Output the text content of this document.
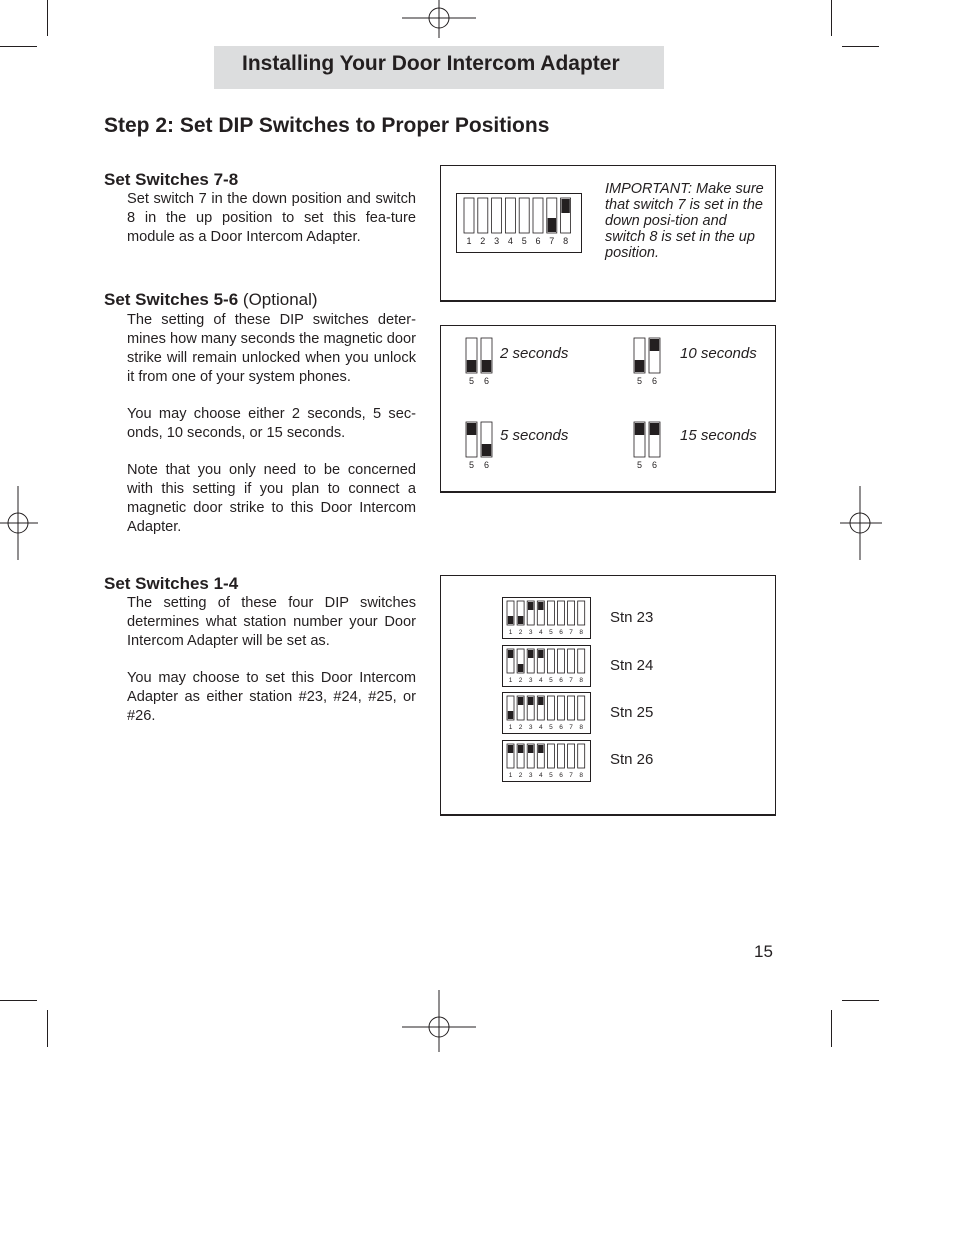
Installing Your Door Intercom Adapter
Step 2: Set DIP Switches to Proper Positions
Set Switches 7-8

Set switch 7 in the down position and switch 8 in the up position to set this fea-ture module as a Door Intercom Adapter.

Set Switches 5-6 (Optional)

The setting of these DIP switches deter-mines how many seconds the magnetic door strike will remain unlocked when you unlock it from one of your system phones.

You may choose either 2 seconds, 5 sec-onds, 10 seconds, or 15 seconds.

Note that you only need to be concerned with this setting if you plan to connect a magnetic door strike to this Door Intercom Adapter.

Set Switches 1-4

The setting of these four DIP switches determines what station number your Door Intercom Adapter will be set as.

You may choose to set this Door Intercom Adapter as either station #23, #24, #25, or #26.

1 2 3 4 5 6 7 8
IMPORTANT: Make sure that switch 7 is set in the down posi-tion and switch 8 is set in the up position.
5 6
2 seconds
5 6
10 seconds
5 6
5 seconds
5 6
15 seconds
1 2 3 4 5 6 7 8
Stn 23
1 2 3 4 5 6 7 8
Stn 24
1 2 3 4 5 6 7 8
Stn 25
1 2 3 4 5 6 7 8
Stn 26
15
